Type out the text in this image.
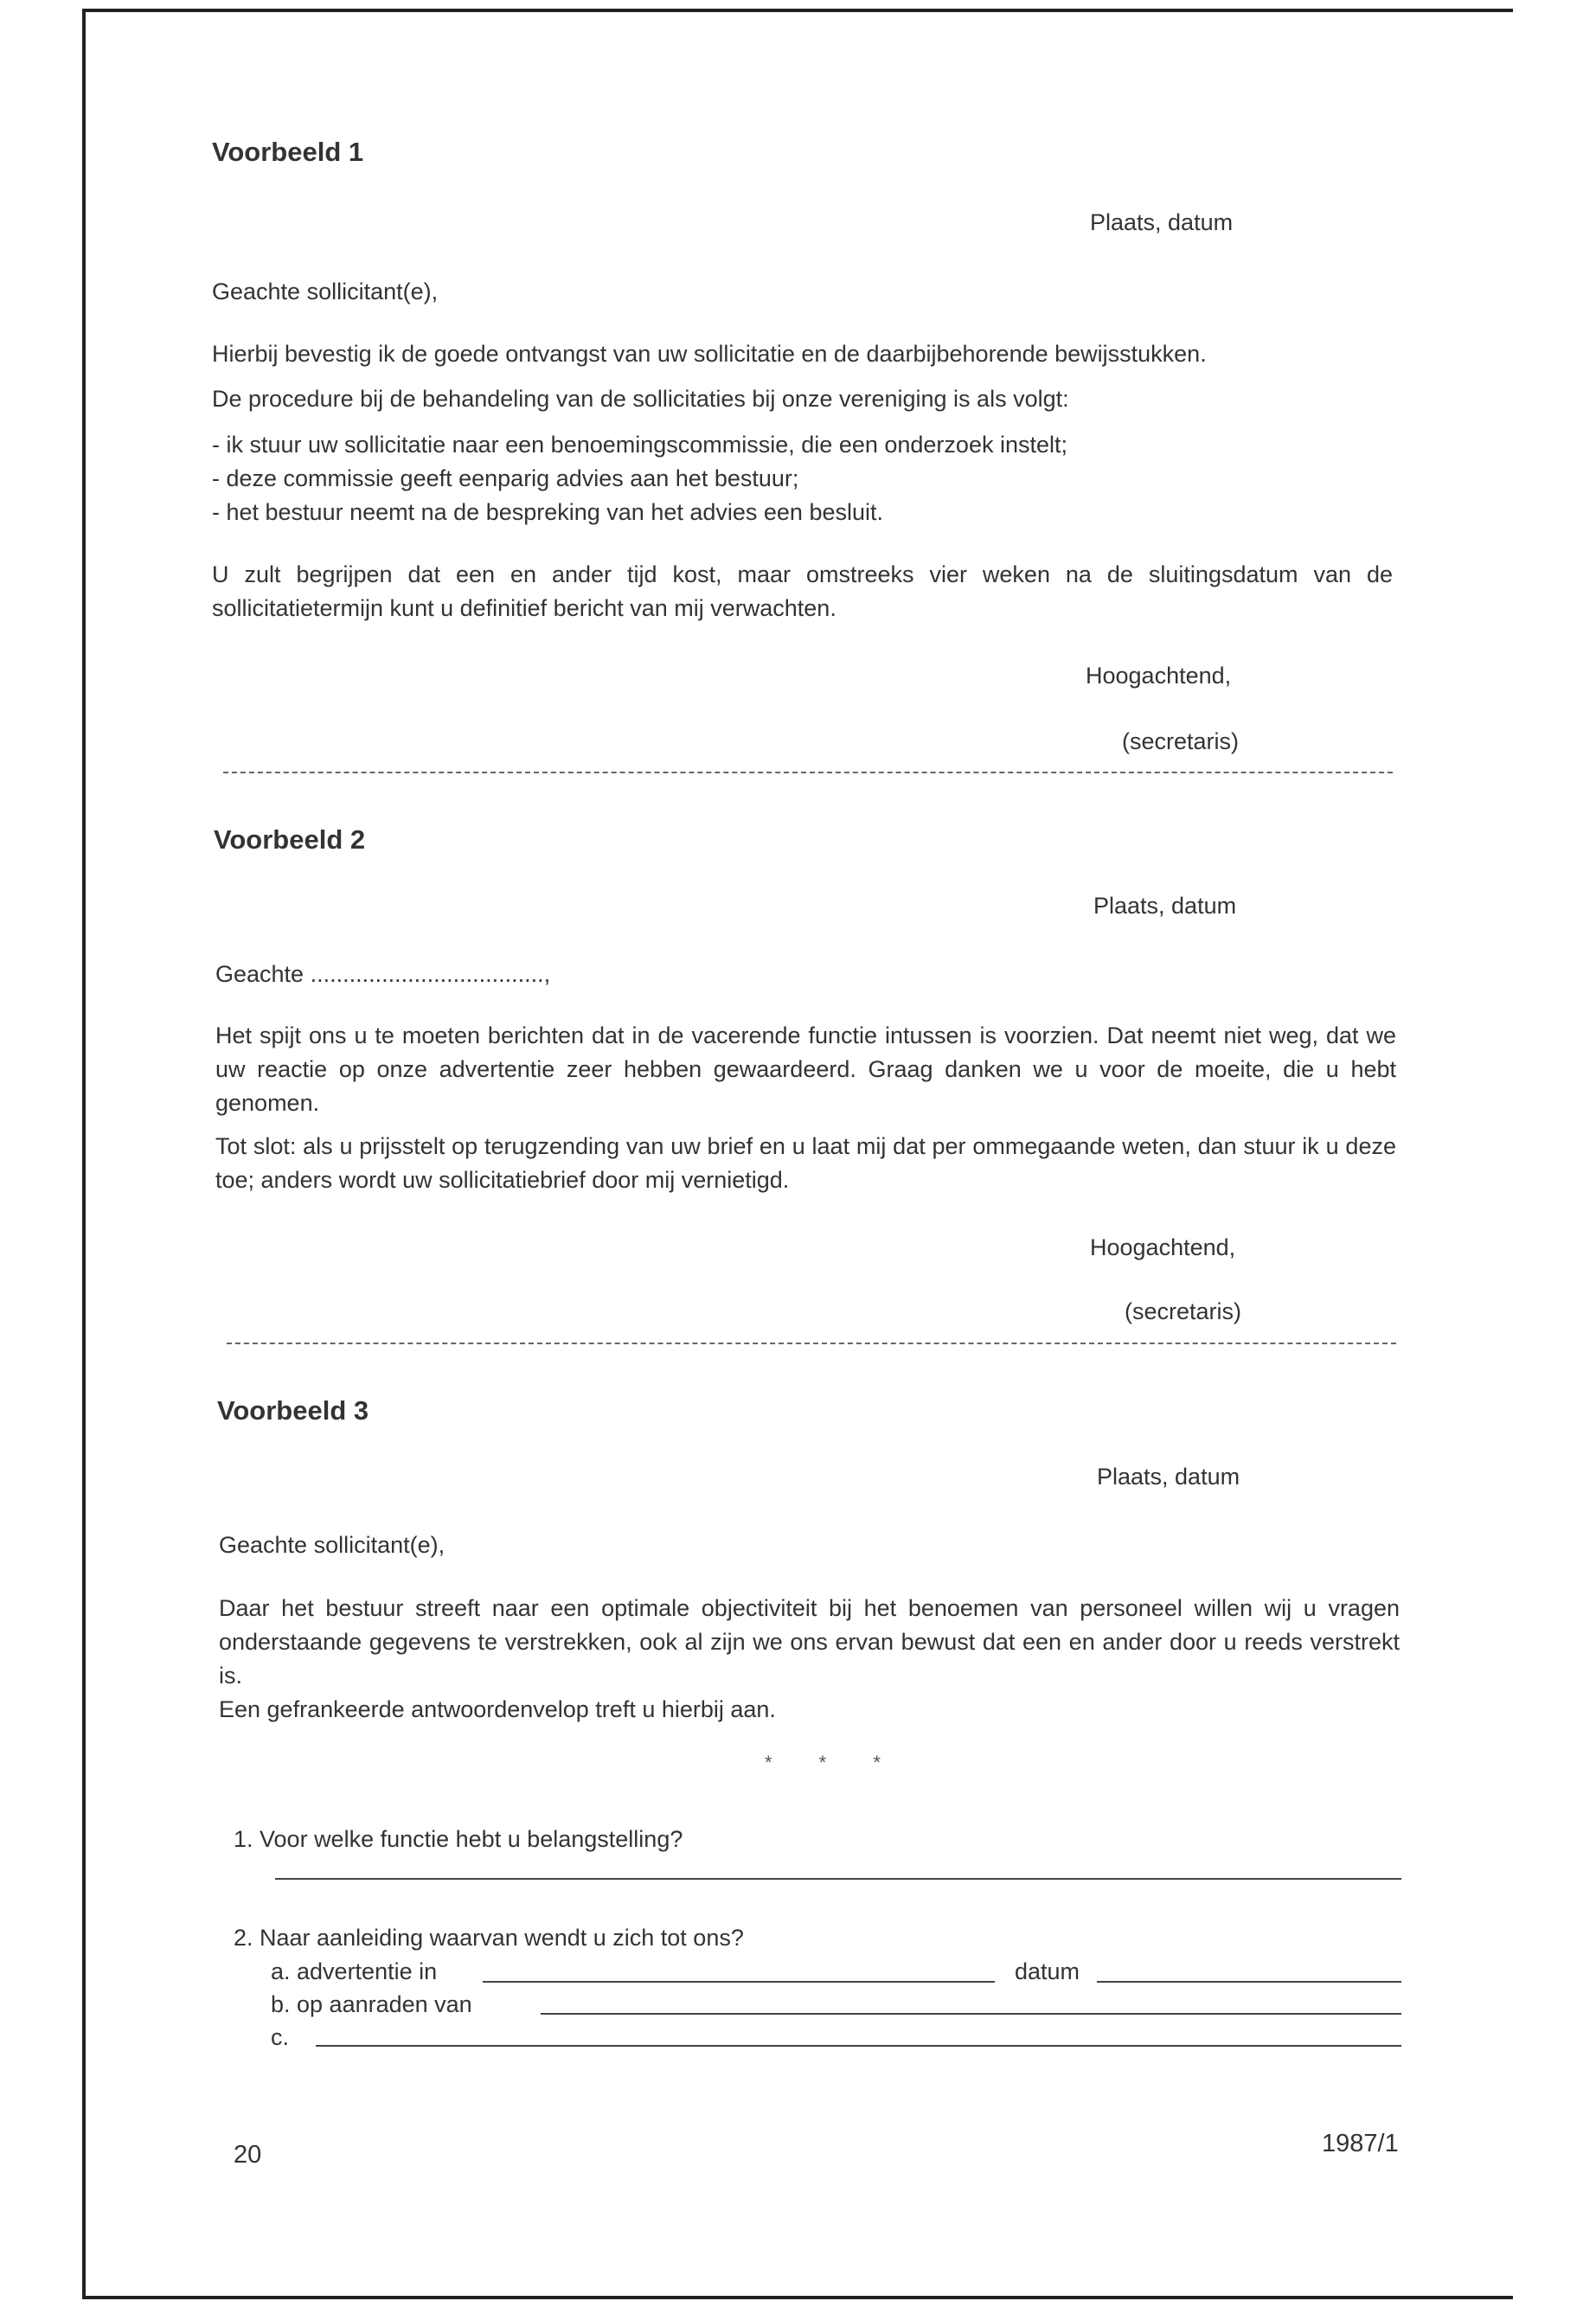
Voorbeeld 1
Plaats, datum
Geachte sollicitant(e),
Hierbij bevestig ik de goede ontvangst van uw sollicitatie en de daarbijbehorende bewijsstukken.
De procedure bij de behandeling van de sollicitaties bij onze vereniging is als volgt:
- ik stuur uw sollicitatie naar een benoemingscommissie, die een onderzoek instelt;
- deze commissie geeft eenparig advies aan het bestuur;
- het bestuur neemt na de bespreking van het advies een besluit.
U zult begrijpen dat een en ander tijd kost, maar omstreeks vier weken na de sluitingsdatum van de sollicitatietermijn kunt u definitief bericht van mij verwachten.
Hoogachtend,
(secretaris)
Voorbeeld 2
Plaats, datum
Geachte ....................................,
Het spijt ons u te moeten berichten dat in de vacerende functie intussen is voorzien. Dat neemt niet weg, dat we uw reactie op onze advertentie zeer hebben gewaardeerd. Graag danken we u voor de moeite, die u hebt genomen.
Tot slot: als u prijsstelt op terugzending van uw brief en u laat mij dat per ommegaande weten, dan stuur ik u deze toe; anders wordt uw sollicitatiebrief door mij vernietigd.
Hoogachtend,
(secretaris)
Voorbeeld 3
Plaats, datum
Geachte sollicitant(e),
Daar het bestuur streeft naar een optimale objectiviteit bij het benoemen van personeel willen wij u vragen onderstaande gegevens te verstrekken, ook al zijn we ons ervan bewust dat een en ander door u reeds verstrekt is.
Een gefrankeerde antwoordenvelop treft u hierbij aan.
* * *
1. Voor welke functie hebt u belangstelling?
2. Naar aanleiding waarvan wendt u zich tot ons?
a. advertentie in	datum
b. op aanraden van
c.
20	1987/1
